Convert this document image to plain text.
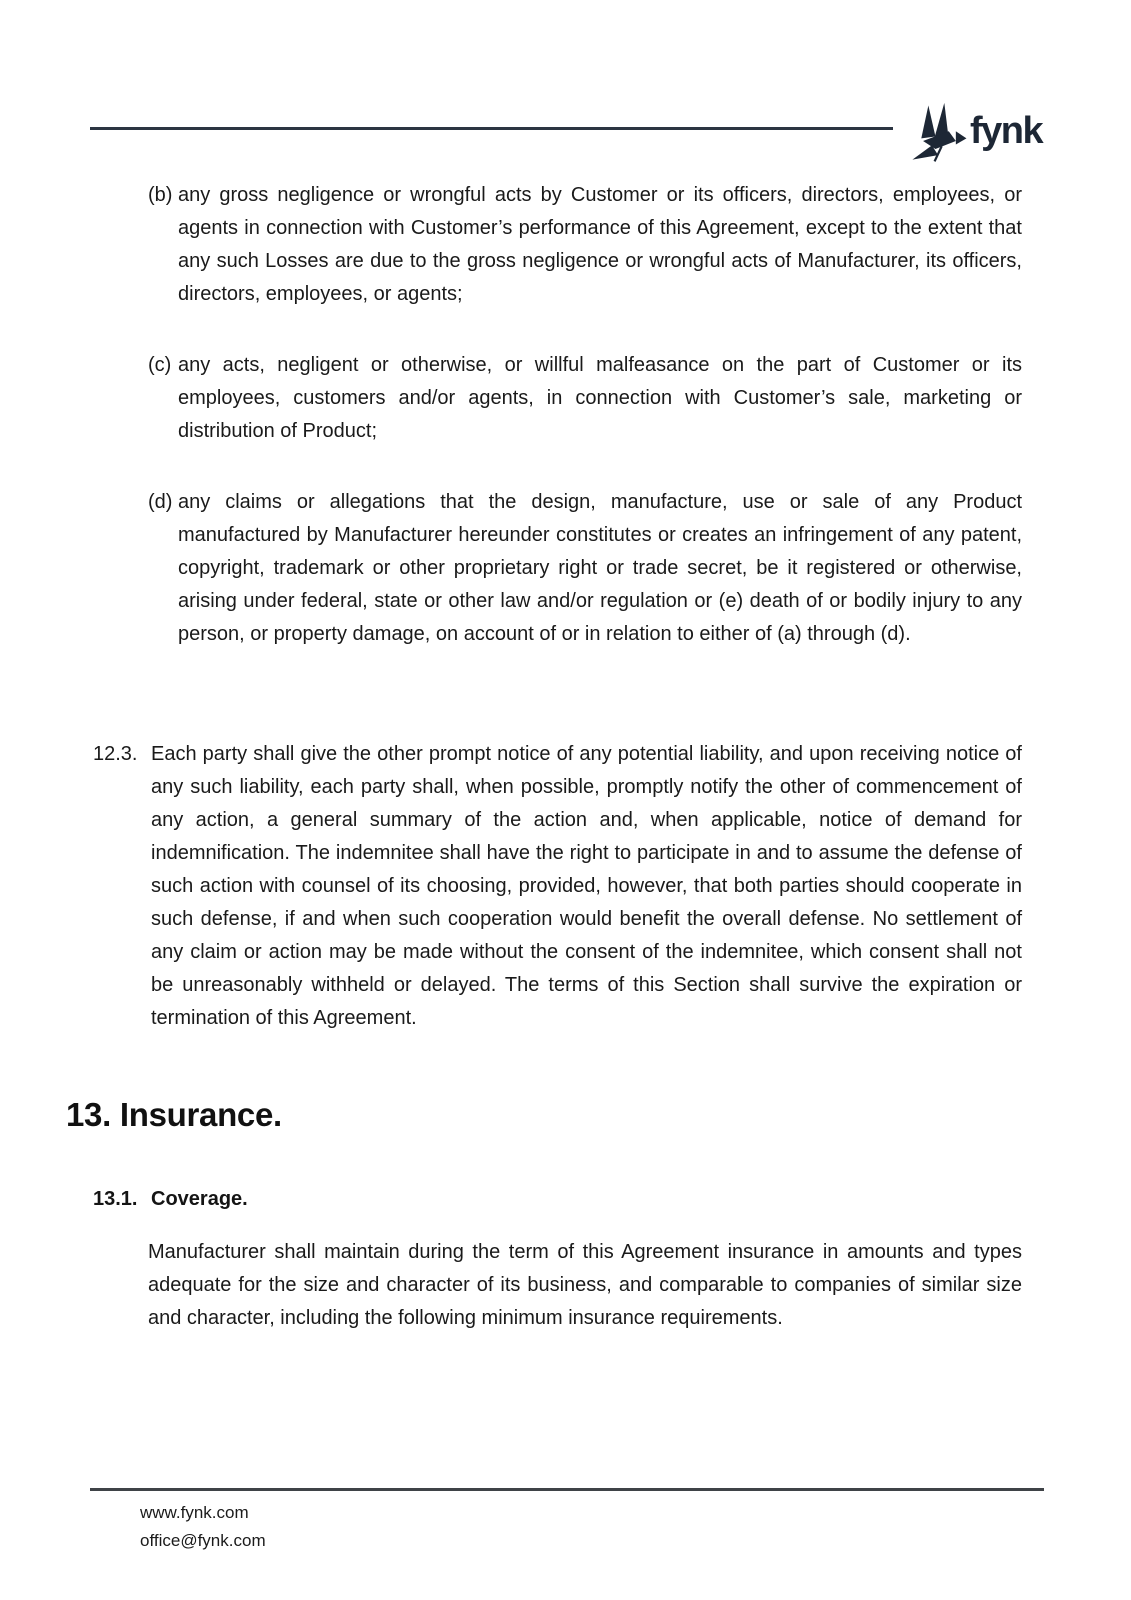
fynk
(b) any gross negligence or wrongful acts by Customer or its officers, directors, employees, or agents in connection with Customer’s performance of this Agreement, except to the extent that any such Losses are due to the gross negligence or wrongful acts of Manufacturer, its officers, directors, employees, or agents;
(c) any acts, negligent or otherwise, or willful malfeasance on the part of Customer or its employees, customers and/or agents, in connection with Customer’s sale, marketing or distribution of Product;
(d) any claims or allegations that the design, manufacture, use or sale of any Product manufactured by Manufacturer hereunder constitutes or creates an infringement of any patent, copyright, trademark or other proprietary right or trade secret, be it registered or otherwise, arising under federal, state or other law and/or regulation or (e) death of or bodily injury to any person, or property damage, on account of or in relation to either of (a) through (d).
12.3. Each party shall give the other prompt notice of any potential liability, and upon receiving notice of any such liability, each party shall, when possible, promptly notify the other of commencement of any action, a general summary of the action and, when applicable, notice of demand for indemnification. The indemnitee shall have the right to participate in and to assume the defense of such action with counsel of its choosing, provided, however, that both parties should cooperate in such defense, if and when such cooperation would benefit the overall defense. No settlement of any claim or action may be made without the consent of the indemnitee, which consent shall not be unreasonably withheld or delayed. The terms of this Section shall survive the expiration or termination of this Agreement.
13. Insurance.
13.1. Coverage.
Manufacturer shall maintain during the term of this Agreement insurance in amounts and types adequate for the size and character of its business, and comparable to companies of similar size and character, including the following minimum insurance requirements.
www.fynk.com
office@fynk.com
